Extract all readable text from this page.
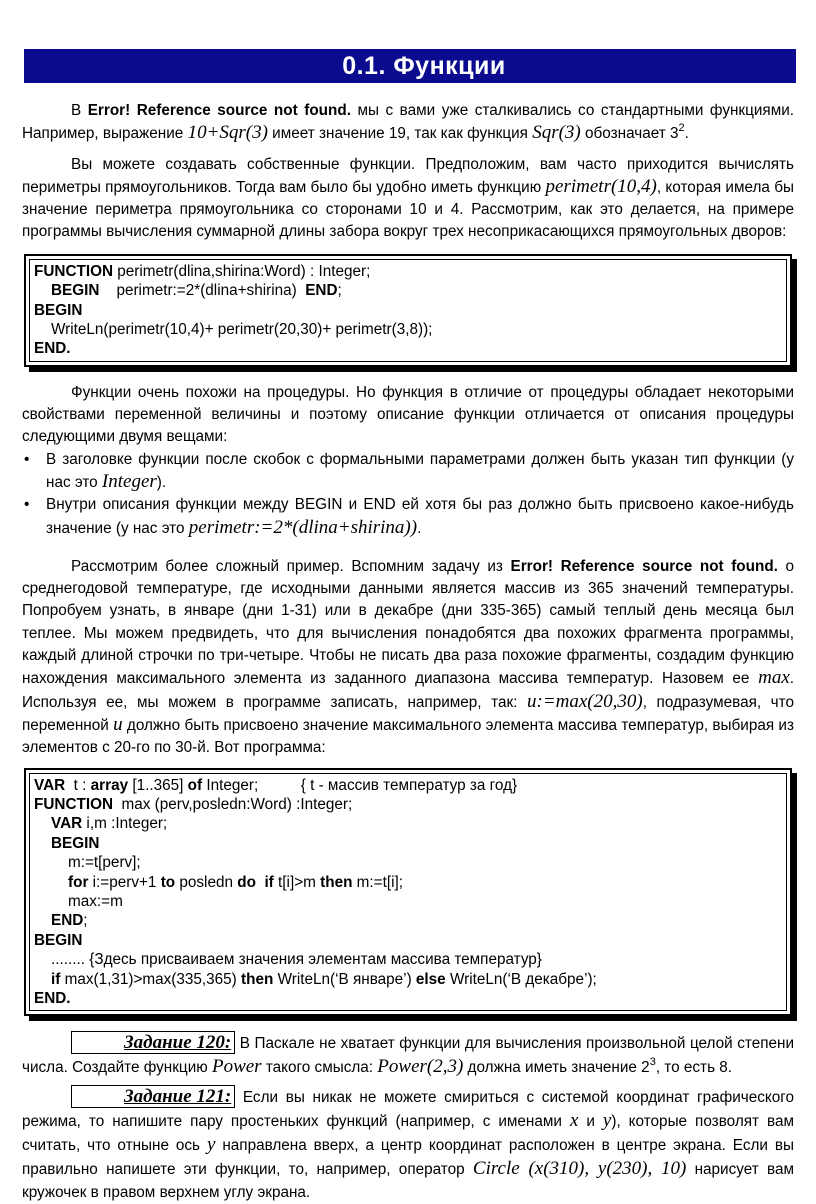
0.1. Функции

В Error! Reference source not found. мы с вами уже сталкивались со стандартными функциями. Например, выражение 10+Sqr(3) имеет значение 19, так как функция Sqr(3) обозначает $3^2$.

Вы можете создавать собственные функции. Предположим, вам часто приходится вычислять периметры прямоугольников. Тогда вам было бы удобно иметь функцию perimetr(10,4), которая имела бы значение периметра прямоугольника со сторонами 10 и 4. Рассмотрим, как это делается, на примере программы вычисления суммарной длины забора вокруг трех несоприкасающихся прямоугольных дворов:

FUNCTION perimetr(dlina,shirina:Word) : Integer;
BEGIN    perimetr:=2*(dlina+shirina)  END;
BEGIN
WriteLn(perimetr(10,4)+ perimetr(20,30)+ perimetr(3,8));
END.

Функции очень похожи на процедуры. Но функция в отличие от процедуры обладает некоторыми свойствами переменной величины и поэтому описание функции отличается от описания процедуры следующими двумя вещами:

• В заголовке функции после скобок с формальными параметрами должен быть указан тип функции (у нас это Integer).
• Внутри описания функции между BEGIN и END ей хотя бы раз должно быть присвоено какое-нибудь значение (у нас это perimetr:=2*(dlina+shirina)).

Рассмотрим более сложный пример. Вспомним задачу из Error! Reference source not found. о среднегодовой температуре, где исходными данными является массив из 365 значений температуры. Попробуем узнать, в январе (дни 1-31) или в декабре (дни 335-365) самый теплый день месяца был теплее. Мы можем предвидеть, что для вычисления понадобятся два похожих фрагмента программы, каждый длиной строчки по три-четыре. Чтобы не писать два раза похожие фрагменты, создадим функцию нахождения максимального элемента из заданного диапазона массива температур. Назовем ее max. Используя ее, мы можем в программе записать, например, так: u:=max(20,30), подразумевая, что переменной u должно быть присвоено значение максимального элемента массива температур, выбирая из элементов с 20-го по 30-й. Вот программа:

VAR  t : array [1..365] of Integer;          { t - массив температур за год}
FUNCTION  max (perv,posledn:Word) :Integer;
VAR i,m :Integer;
BEGIN
m:=t[perv];
for i:=perv+1 to posledn do if t[i]>m then m:=t[i];
max:=m
END;
BEGIN
........ {Здесь присваиваем значения элементам массива температур}
if max(1,31)>max(335,365) then WriteLn(‘В январе’) else WriteLn(‘В декабре’);
END.

Задание 120: В Паскале не хватает функции для вычисления произвольной целой степени числа. Создайте функцию Power такого смысла: Power(2,3) должна иметь значение $2^3$, то есть 8.

Задание 121: Если вы никак не можете смириться с системой координат графического режима, то напишите пару простеньких функций (например, с именами x и y), которые позволят вам считать, что отныне ось y направлена вверх, а центр координат расположен в центре экрана. Если вы правильно напишете эти функции, то, например, оператор Circle (x(310), y(230), 10) нарисует вам кружочек в правом верхнем углу экрана.
